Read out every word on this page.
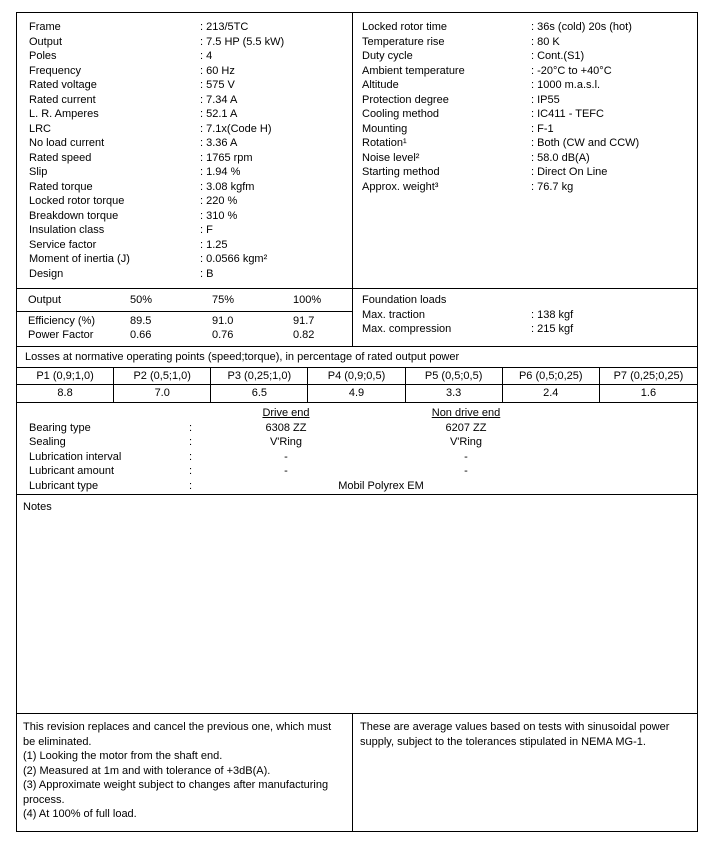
Frame	: 213/5TC
Output	: 7.5 HP (5.5 kW)
Poles	: 4
Frequency	: 60 Hz
Rated voltage	: 575 V
Rated current	: 7.34 A
L. R. Amperes	: 52.1 A
LRC	: 7.1x(Code H)
No load current	: 3.36 A
Rated speed	: 1765 rpm
Slip	: 1.94 %
Rated torque	: 3.08 kgfm
Locked rotor torque	: 220 %
Breakdown torque	: 310 %
Insulation class	: F
Service factor	: 1.25
Moment of inertia (J)	: 0.0566 kgm²
Design	: B
Locked rotor time	: 36s (cold) 20s (hot)
Temperature rise	: 80 K
Duty cycle	: Cont.(S1)
Ambient temperature	: -20°C to +40°C
Altitude	: 1000 m.a.s.l.
Protection degree	: IP55
Cooling method	: IC411 - TEFC
Mounting	: F-1
Rotation¹	: Both (CW and CCW)
Noise level²	: 58.0 dB(A)
Starting method	: Direct On Line
Approx. weight³	: 76.7 kg
Output	50%	75%	100%
Efficiency (%)	89.5	91.0	91.7
Power Factor	0.66	0.76	0.82
Foundation loads
Max. traction	: 138 kgf
Max. compression	: 215 kgf
Losses at normative operating points (speed;torque), in percentage of rated output power
P1 (0,9;1,0)	P2 (0,5;1,0)	P3 (0,25;1,0)	P4 (0,9;0,5)	P5 (0,5;0,5)	P6 (0,5;0,25)	P7 (0,25;0,25)
8.8	7.0	6.5	4.9	3.3	2.4	1.6
Drive end	Non drive end
Bearing type	:	6308 ZZ	6207 ZZ
Sealing	:	V'Ring	V'Ring
Lubrication interval	:	-	-
Lubricant amount	:	-	-
Lubricant type	:	Mobil Polyrex EM
Notes
This revision replaces and cancel the previous one, which must be eliminated.
(1) Looking the motor from the shaft end.
(2) Measured at 1m and with tolerance of +3dB(A).
(3) Approximate weight subject to changes after manufacturing process.
(4) At 100% of full load.
These are average values based on tests with sinusoidal power supply, subject to the tolerances stipulated in NEMA MG-1.
